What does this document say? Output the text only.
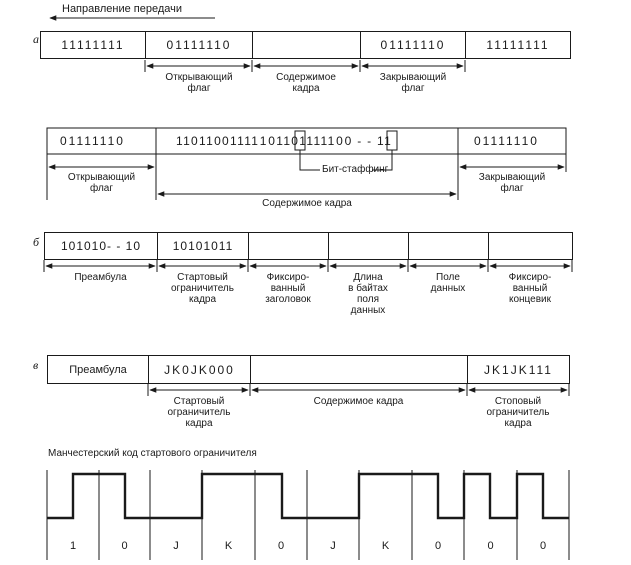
Направление передачи
а
б
в
11111111	01111110	01111110	11111111
Открывающий
флаг
Содержимое
кадра
Закрывающий
флаг
01111110	11011001111101101111100 - - 11	01111110
Бит-стаффинг
Открывающий
флаг
Закрывающий
флаг
Содержимое кадра
101010- - 10	10101011
Преамбула	Стартовый
ограничитель
кадра
Фиксиро-
ванный
заголовок
Длина
в байтах
поля
данных
Поле
данных
Фиксиро-
ванный
концевик
Преамбула	JK0JK000	JK1JK111
Стартовый
ограничитель
кадра
Содержимое кадра	Стоповый
ограничитель
кадра
Манчестерский код стартового ограничителя
1	0	J	K	0	J	K	0	0	0
